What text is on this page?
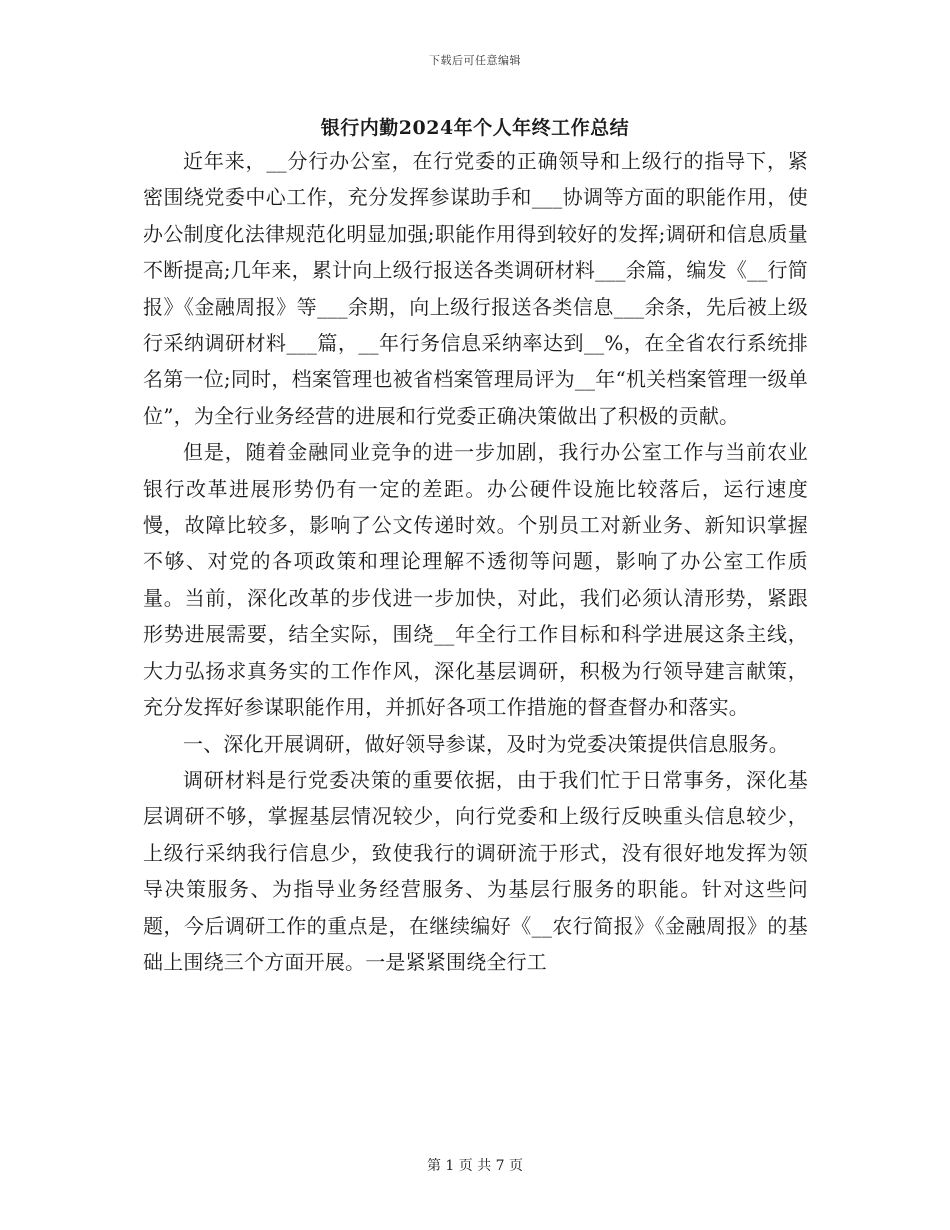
下载后可任意编辑
银行内勤2024年个人年终工作总结

近年来，__分行办公室，在行党委的正确领导和上级行的指导下，紧密围绕党委中心工作，充分发挥参谋助手和___协调等方面的职能作用，使办公制度化法律规范化明显加强;职能作用得到较好的发挥;调研和信息质量不断提高;几年来，累计向上级行报送各类调研材料___余篇，编发《__行简报》《金融周报》等___余期，向上级行报送各类信息___余条，先后被上级行采纳调研材料___篇，__年行务信息采纳率达到__%，在全省农行系统排名第一位;同时，档案管理也被省档案管理局评为__年“机关档案管理一级单位”，为全行业务经营的进展和行党委正确决策做出了积极的贡献。

但是，随着金融同业竞争的进一步加剧，我行办公室工作与当前农业银行改革进展形势仍有一定的差距。办公硬件设施比较落后，运行速度慢，故障比较多，影响了公文传递时效。个别员工对新业务、新知识掌握不够、对党的各项政策和理论理解不透彻等问题，影响了办公室工作质量。当前，深化改革的步伐进一步加快，对此，我们必须认清形势，紧跟形势进展需要，结全实际，围绕__年全行工作目标和科学进展这条主线，大力弘扬求真务实的工作作风，深化基层调研，积极为行领导建言献策，充分发挥好参谋职能作用，并抓好各项工作措施的督查督办和落实。

一、深化开展调研，做好领导参谋，及时为党委决策提供信息服务。

调研材料是行党委决策的重要依据，由于我们忙于日常事务，深化基层调研不够，掌握基层情况较少，向行党委和上级行反映重头信息较少，上级行采纳我行信息少，致使我行的调研流于形式，没有很好地发挥为领导决策服务、为指导业务经营服务、为基层行服务的职能。针对这些问题，今后调研工作的重点是，在继续编好《__农行简报》《金融周报》的基础上围绕三个方面开展。一是紧紧围绕全行工

第 1 页 共 7 页
